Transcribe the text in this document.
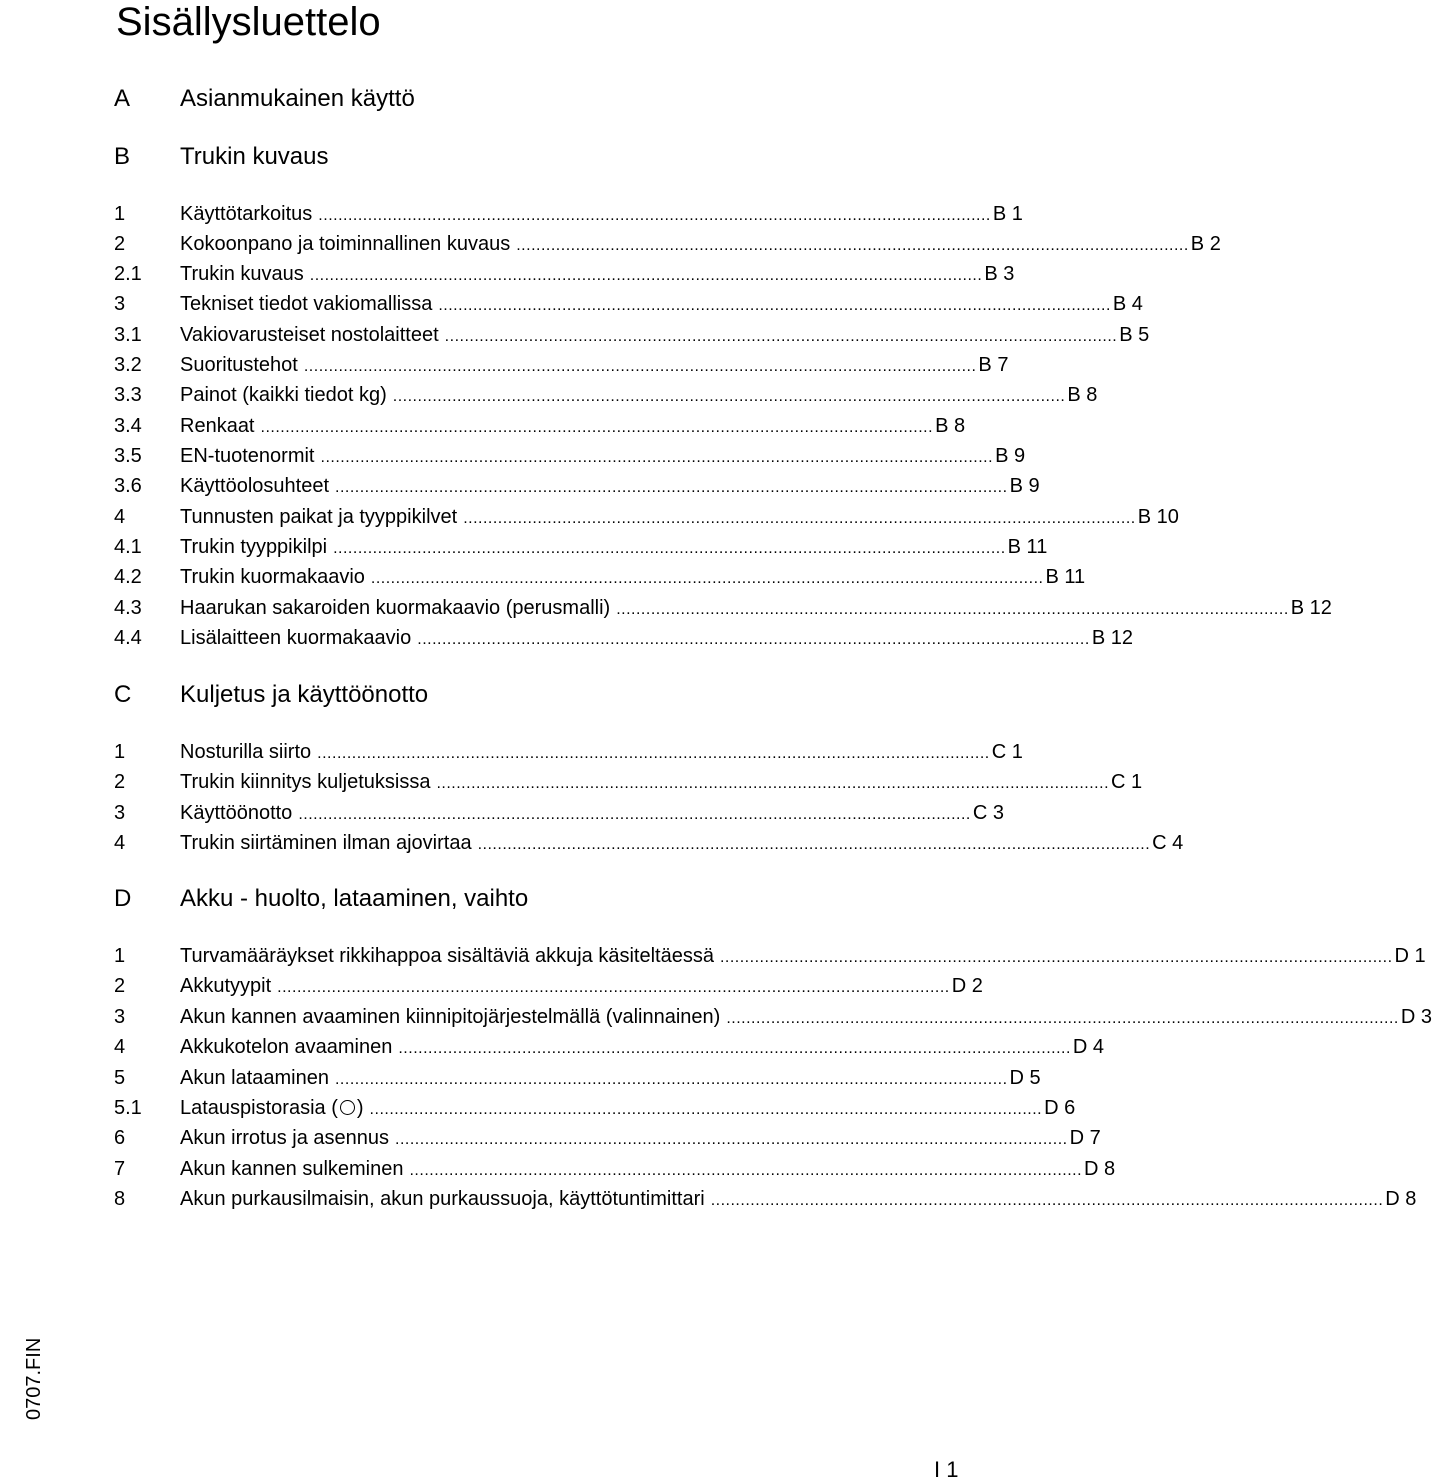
Sisällysluettelo
A Asianmukainen käyttö
B Trukin kuvaus
1	Käyttötarkoitus ........................................................................................................................................ B 1
2	Kokoonpano ja toiminnallinen kuvaus ........................................................................................................................................ B 2
2.1 Trukin kuvaus ........................................................................................................................................ B 3
3	Tekniset tiedot vakiomallissa ........................................................................................................................................ B 4
3.1 Vakiovarusteiset nostolaitteet ........................................................................................................................................ B 5
3.2 Suoritustehot ........................................................................................................................................ B 7
3.3 Painot (kaikki tiedot kg) ........................................................................................................................................ B 8
3.4 Renkaat ........................................................................................................................................ B 8
3.5 EN-tuotenormit ........................................................................................................................................ B 9
3.6 Käyttöolosuhteet ........................................................................................................................................ B 9
4	Tunnusten paikat ja tyyppikilvet ........................................................................................................................................ B 10
4.1 Trukin tyyppikilpi ........................................................................................................................................ B 11
4.2 Trukin kuormakaavio ........................................................................................................................................ B 11
4.3 Haarukan sakaroiden kuormakaavio (perusmalli) ........................................................................................................................................ B 12
4.4 Lisälaitteen kuormakaavio ........................................................................................................................................ B 12
C Kuljetus ja käyttöönotto
1	Nosturilla siirto ........................................................................................................................................ C 1
2	Trukin kiinnitys kuljetuksissa ........................................................................................................................................ C 1
3	Käyttöönotto ........................................................................................................................................ C 3
4	Trukin siirtäminen ilman ajovirtaa ........................................................................................................................................ C 4
D Akku - huolto, lataaminen, vaihto
1	Turvamääräykset rikkihappoa sisältäviä akkuja käsiteltäessä ........................................................................................................................................ D 1
2	Akkutyypit ........................................................................................................................................ D 2
3	Akun kannen avaaminen kiinnipitojärjestelmällä (valinnainen) ........................................................................................................................................ D 3
4	Akkukotelon avaaminen ........................................................................................................................................ D 4
5	Akun lataaminen ........................................................................................................................................ D 5
5.1 Latauspistorasia ( ) ........................................................................................................................................ D 6
6	Akun irrotus ja asennus ........................................................................................................................................ D 7
7	Akun kannen sulkeminen ........................................................................................................................................ D 8
8	Akun purkausilmaisin, akun purkaussuoja, käyttötuntimittari ........................................................................................................................................ D 8
0707.FIN
I 1
